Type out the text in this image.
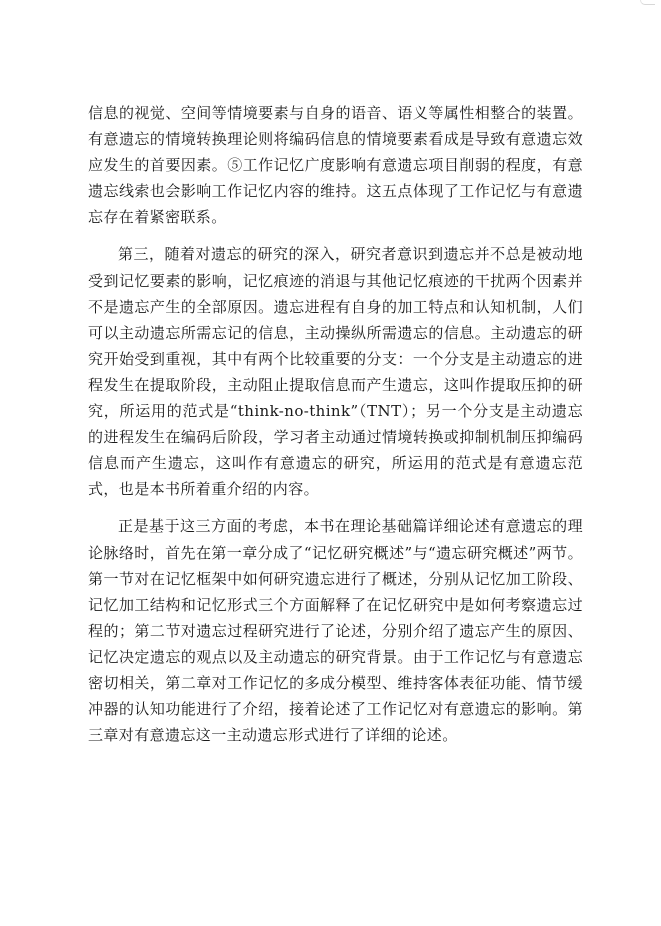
信息的视觉、空间等情境要素与自身的语音、语义等属性相整合的装置。有意遗忘的情境转换理论则将编码信息的情境要素看成是导致有意遗忘效应发生的首要因素。⑤工作记忆广度影响有意遗忘项目削弱的程度，有意遗忘线索也会影响工作记忆内容的维持。这五点体现了工作记忆与有意遗忘存在着紧密联系。

第三，随着对遗忘的研究的深入，研究者意识到遗忘并不总是被动地受到记忆要素的影响，记忆痕迹的消退与其他记忆痕迹的干扰两个因素并不是遗忘产生的全部原因。遗忘进程有自身的加工特点和认知机制，人们可以主动遗忘所需忘记的信息，主动操纵所需遗忘的信息。主动遗忘的研究开始受到重视，其中有两个比较重要的分支：一个分支是主动遗忘的进程发生在提取阶段，主动阻止提取信息而产生遗忘，这叫作提取压抑的研究，所运用的范式是“think-no-think”（TNT）；另一个分支是主动遗忘的进程发生在编码后阶段，学习者主动通过情境转换或抑制机制压抑编码信息而产生遗忘，这叫作有意遗忘的研究，所运用的范式是有意遗忘范式，也是本书所着重介绍的内容。

正是基于这三方面的考虑，本书在理论基础篇详细论述有意遗忘的理论脉络时，首先在第一章分成了“记忆研究概述”与“遗忘研究概述”两节。第一节对在记忆框架中如何研究遗忘进行了概述，分别从记忆加工阶段、记忆加工结构和记忆形式三个方面解释了在记忆研究中是如何考察遗忘过程的；第二节对遗忘过程研究进行了论述，分别介绍了遗忘产生的原因、记忆决定遗忘的观点以及主动遗忘的研究背景。由于工作记忆与有意遗忘密切相关，第二章对工作记忆的多成分模型、维持客体表征功能、情节缓冲器的认知功能进行了介绍，接着论述了工作记忆对有意遗忘的影响。第三章对有意遗忘这一主动遗忘形式进行了详细的论述。
